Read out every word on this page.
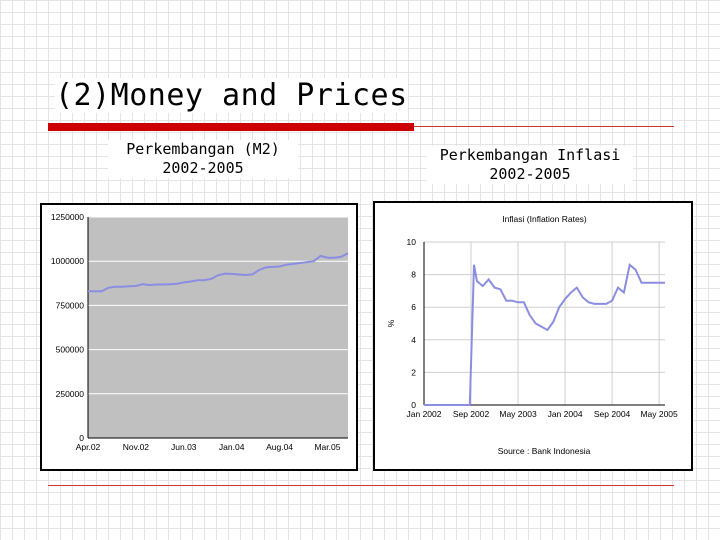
(2)Money and Prices
Perkembangan (M2)
2002-2005
Perkembangan Inflasi
2002-2005
0
250000
500000
750000
1000000
1250000
Apr.02	Nov.02	Jun.03	Jan.04	Aug.04	Mar.05
Inflasi (Inflation Rates)
0
2
4
6
8
10
Jan 2002 Sep 2002 May 2003 Jan 2004 Sep 2004 May 2005
%
Source : Bank Indonesia
